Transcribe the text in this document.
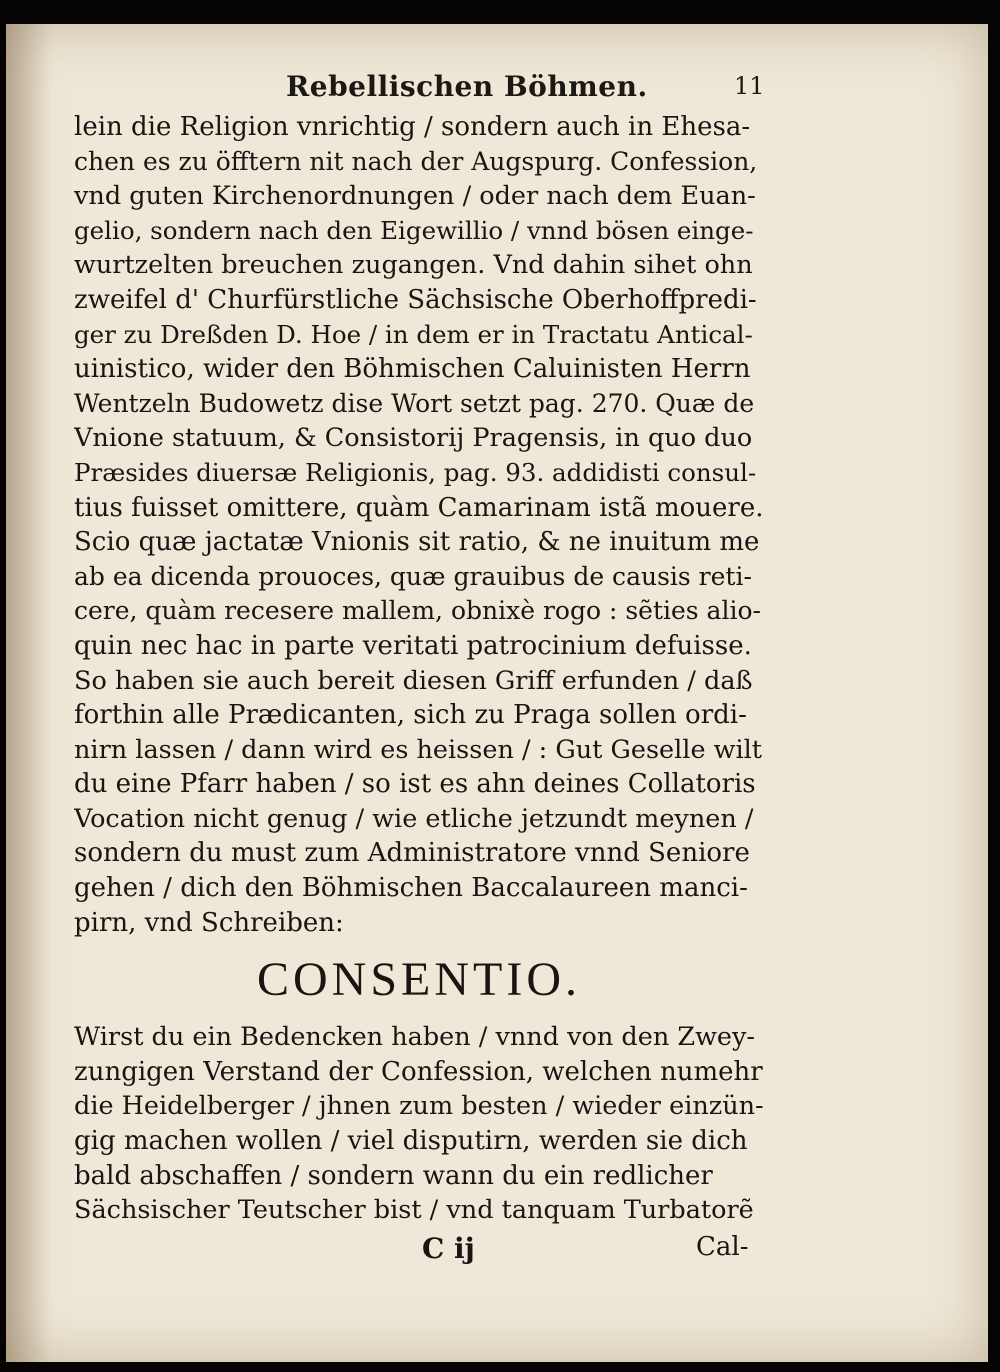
Rebellischen Böhmen.	11
lein die Religion vnrichtig / sondern auch in Ehesa-
chen es zu öfftern nit nach der Augspurg. Confession,
vnd guten Kirchenordnungen / oder nach dem Euan-
gelio, sondern nach den Eigewillio / vnnd bösen einge-
wurtzelten breuchen zugangen. Vnd dahin sihet ohn
zweifel d' Churfürstliche Sächsische Oberhoffpredi-
ger zu Dreßden D. Hoe / in dem er in Tractatu Antical-
uinistico, wider den Böhmischen Caluinisten Herrn
Wentzeln Budowetz dise Wort setzt pag. 270. Quæ de
Vnione statuum, & Consistorij Pragensis, in quo duo
Præsides diuersæ Religionis, pag. 93. addidisti consul-
tius fuisset omittere, quàm Camarinam istã mouere.
Scio quæ jactatæ Vnionis sit ratio, & ne inuitum me
ab ea dicenda prouoces, quæ grauibus de causis reti-
cere, quàm recesere mallem, obnixè rogo : sẽties alio-
quin nec hac in parte veritati patrocinium defuisse.
So haben sie auch bereit diesen Griff erfunden / daß
forthin alle Prædicanten, sich zu Praga sollen ordi-
nirn lassen / dann wird es heissen / : Gut Geselle wilt
du eine Pfarr haben / so ist es ahn deines Collatoris
Vocation nicht genug / wie etliche jetzundt meynen /
sondern du must zum Administratore vnnd Seniore
gehen / dich den Böhmischen Baccalaureen manci-
pirn, vnd Schreiben:
CONSENTIO.
Wirst du ein Bedencken haben / vnnd von den Zwey-
zungigen Verstand der Confession, welchen numehr
die Heidelberger / jhnen zum besten / wieder einzün-
gig machen wollen / viel disputirn, werden sie dich
bald abschaffen / sondern wann du ein redlicher
Sächsischer Teutscher bist / vnd tanquam Turbatorẽ
C ij	Cal-
